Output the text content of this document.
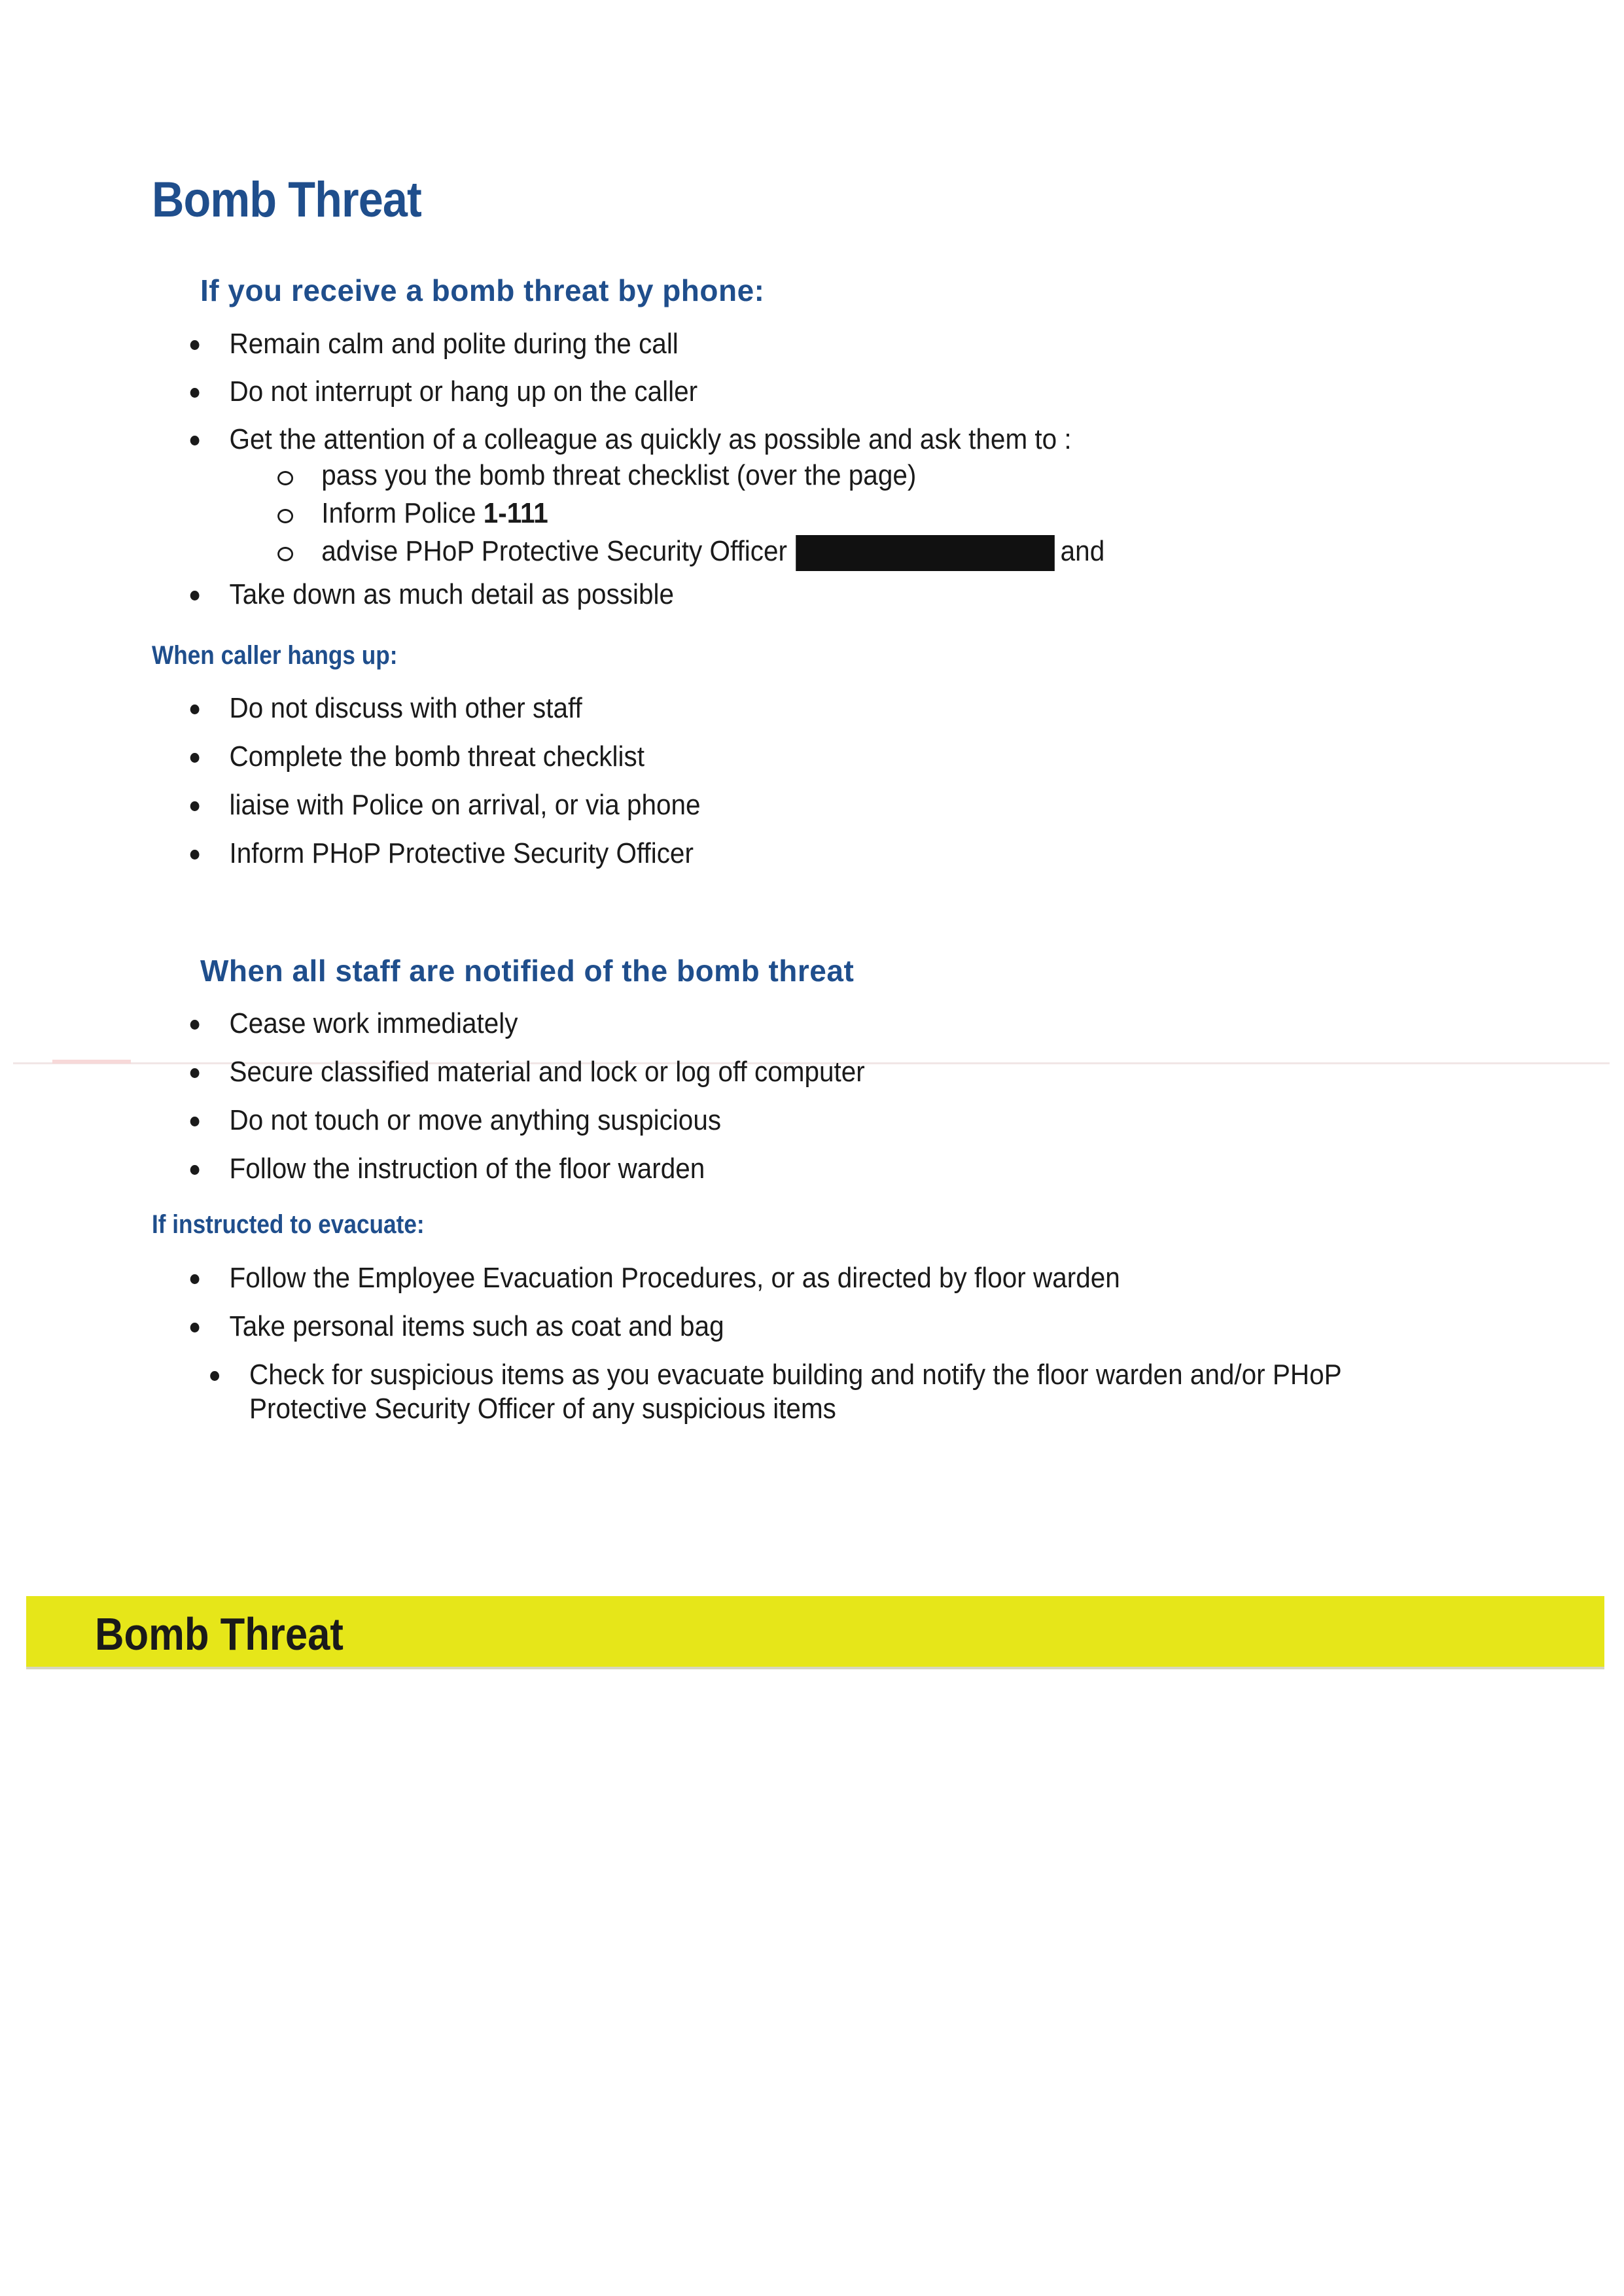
Bomb Threat
If you receive a bomb threat by phone:
Remain calm and polite during the call
Do not interrupt or hang up on the caller
Get the attention of a colleague as quickly as possible and ask them to :
pass you the bomb threat checklist (over the page)
Inform Police 1-111
advise PHoP Protective Security Officer	and
Take down as much detail as possible
When caller hangs up:
Do not discuss with other staff
Complete the bomb threat checklist
liaise with Police on arrival, or via phone
Inform PHoP Protective Security Officer
When all staff are notified of the bomb threat
Cease work immediately
Secure classified material and lock or log off computer
Do not touch or move anything suspicious
Follow the instruction of the floor warden
If instructed to evacuate:
Follow the Employee Evacuation Procedures, or as directed by floor warden
Take personal items such as coat and bag
Check for suspicious items as you evacuate building and notify the floor warden and/or PHoP Protective Security Officer of any suspicious items
Bomb Threat
